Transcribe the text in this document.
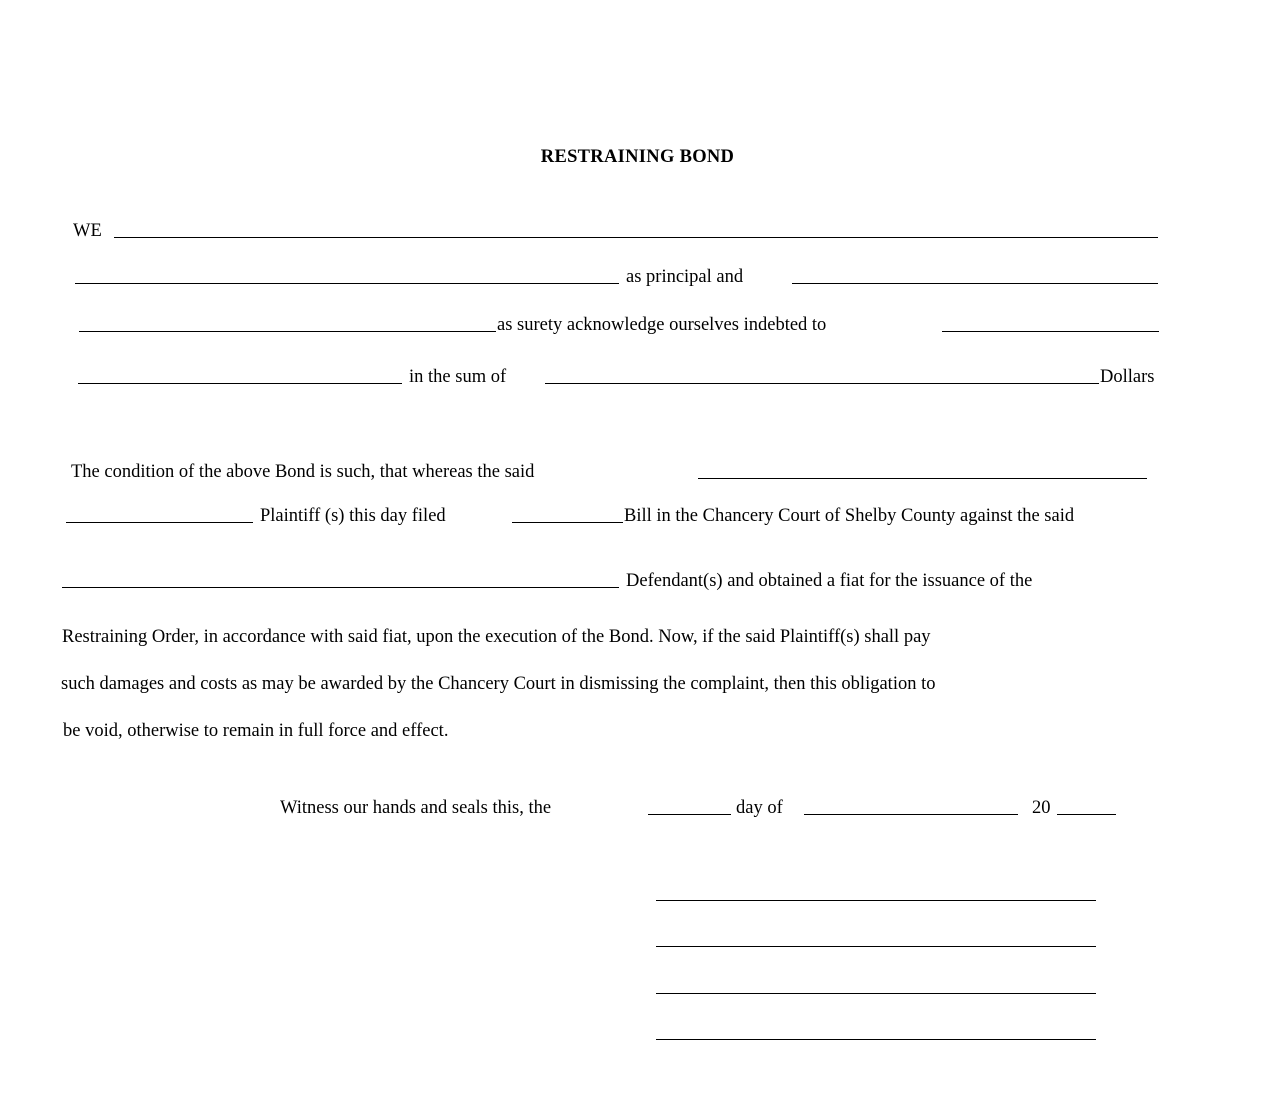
RESTRAINING BOND
WE
as principal and
as surety acknowledge ourselves indebted to
in the sum of	Dollars
The condition of the above Bond is such, that whereas the said
Plaintiff (s) this day filed	Bill in the Chancery Court of Shelby County against the said
Defendant(s) and obtained a fiat for the issuance of the
Restraining Order, in accordance with said fiat, upon the execution of the Bond. Now, if the said Plaintiff(s) shall pay
such damages and costs as may be awarded by the Chancery Court in dismissing the complaint, then this obligation to
be void, otherwise to remain in full force and effect.
Witness our hands and seals this, the	day of	20
